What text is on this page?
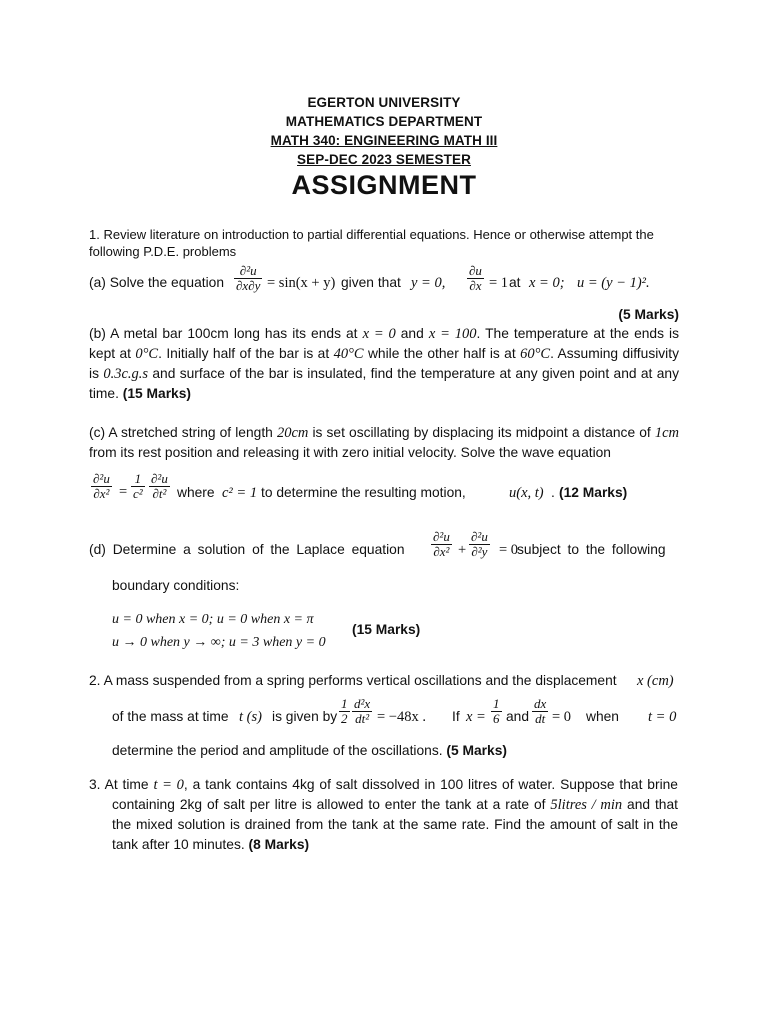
EGERTON UNIVERSITY
MATHEMATICS DEPARTMENT
MATH 340: ENGINEERING MATH III
SEP-DEC 2023 SEMESTER
ASSIGNMENT
1. Review literature on introduction to partial differential equations. Hence or otherwise attempt the following P.D.E. problems
(a) Solve the equation $\frac{\text{∂²u}}{\partial x\partial y} = \sin(x + y)$ given that y = 0, $\frac{\partial u}{\partial x} = 1$ at x = 0; u = (y − 1)².
(5 Marks)
(b) A metal bar 100cm long has its ends at x = 0 and x = 100. The temperature at the ends is kept at 0°C. Initially half of the bar is at 40°C while the other half is at 60°C. Assuming diffusivity is 0.3c.g.s and surface of the bar is insulated, find the temperature at any given point and at any time. (15 Marks)
(c) A stretched string of length 20cm is set oscillating by displacing its midpoint a distance of 1cm from its rest position and releasing it with zero initial velocity. Solve the wave equation
$\frac{\text{∂²u}}{\text{∂x²}} = \frac{1}{\text{c²}} \frac{\text{∂²u}}{\text{∂t²}}$ where c² = 1 to determine the resulting motion,	u(x, t) . (12 Marks)
(d) Determine a solution of the Laplace equation $\frac{\text{∂²u}}{\text{∂x²}} + \frac{\text{∂²u}}{\text{∂²y}} = 0$
subject to the following
boundary conditions:
u = 0 when x = 0; u = 0 when x = π
u → 0 when y → ∞; u = 3 when y = 0
(15 Marks)
2. A mass suspended from a spring performs vertical oscillations and the displacement x (cm)
of the mass at time t (s) is given by $\frac{1}{2} \frac{\text{d²x}}{\text{dt²}} = -48x$ . If $x = \frac{1}{6}$ and $\frac{dx}{dt} = 0$ when t = 0
determine the period and amplitude of the oscillations. (5 Marks)
3. At time t = 0, a tank contains 4kg of salt dissolved in 100 litres of water. Suppose that brine containing 2kg of salt per litre is allowed to enter the tank at a rate of 5litres / min and that the mixed solution is drained from the tank at the same rate. Find the amount of salt in the tank after 10 minutes. (8 Marks)
